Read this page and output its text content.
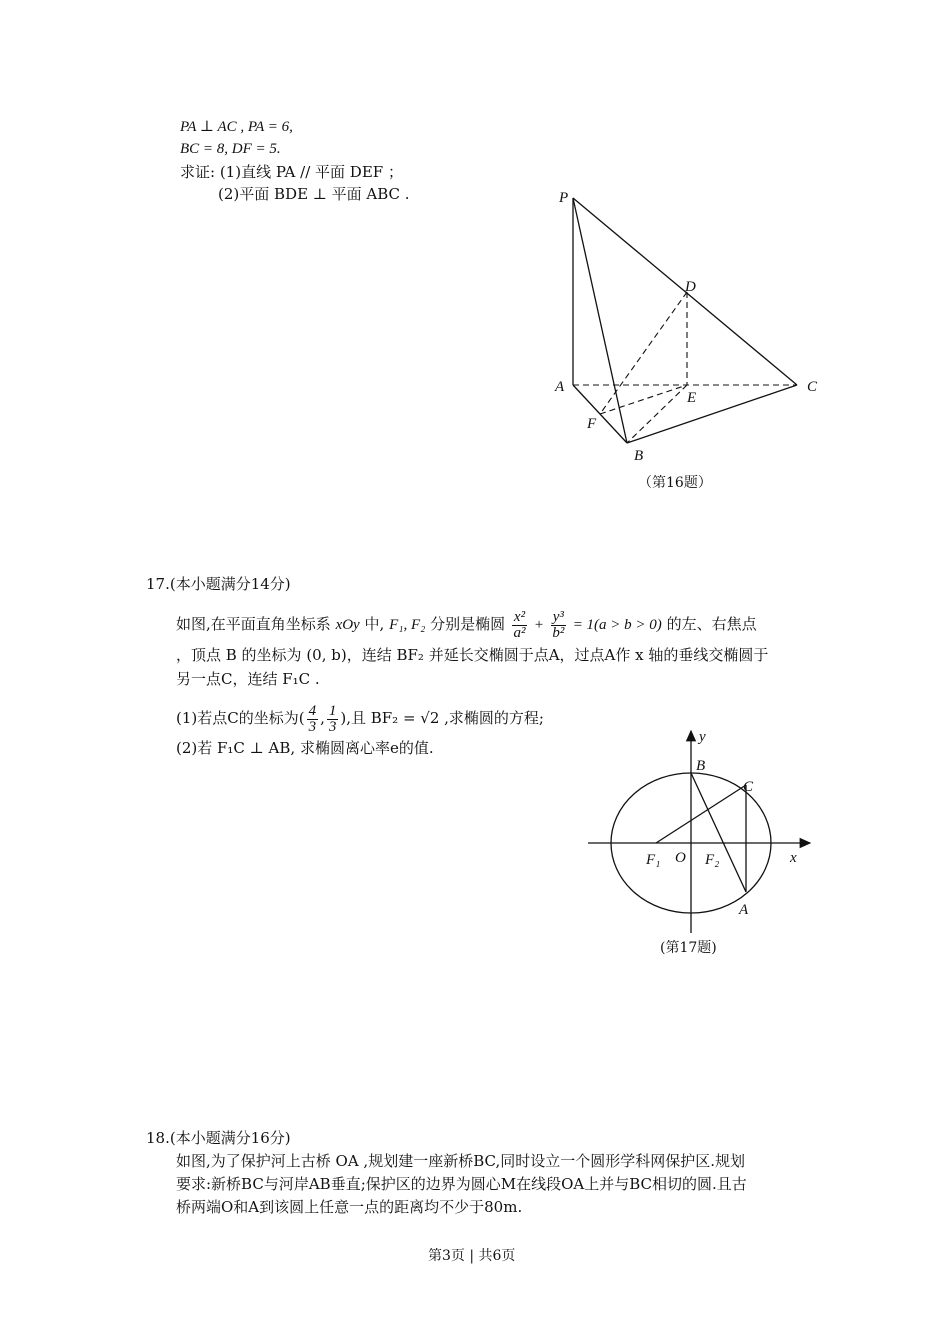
PA ⊥ AC , PA = 6,
BC = 8, DF = 5.
求证: (1)直线 PA // 平面 DEF ；
(2)平面 BDE ⊥ 平面 ABC .	P
D
A	C
E
F
B
（第16题）
17.(本小题满分14分)
如图,在平面直角坐标系 xOy 中, F₁, F₂ 分别是椭圆 $\frac{\text{x²}}{\text{a²}} + \frac{\text{y³}}{\text{b²}} = 1(a > b > 0)$ 的左、右焦点
，顶点 B 的坐标为 (0, b)，连结 BF₂ 并延长交椭圆于点A，过点A作 x 轴的垂线交椭圆于
另一点C，连结 F₁C .
(1)若点C的坐标为( $\frac{4}{3}$ , $\frac{1}{3}$ ),且 BF₂ = √2 ,求椭圆的方程;
(2)若 F₁C ⊥ AB, 求椭圆离心率e的值.
y
x
B
C
O
F₁	F₂
A
(第17题)
18.(本小题满分16分)
如图,为了保护河上古桥 OA ,规划建一座新桥BC,同时设立一个圆形学科网保护区.规划
要求:新桥BC与河岸AB垂直;保护区的边界为圆心M在线段OA上并与BC相切的圆.且古
桥两端O和A到该圆上任意一点的距离均不少于80m.
第3页 | 共6页
